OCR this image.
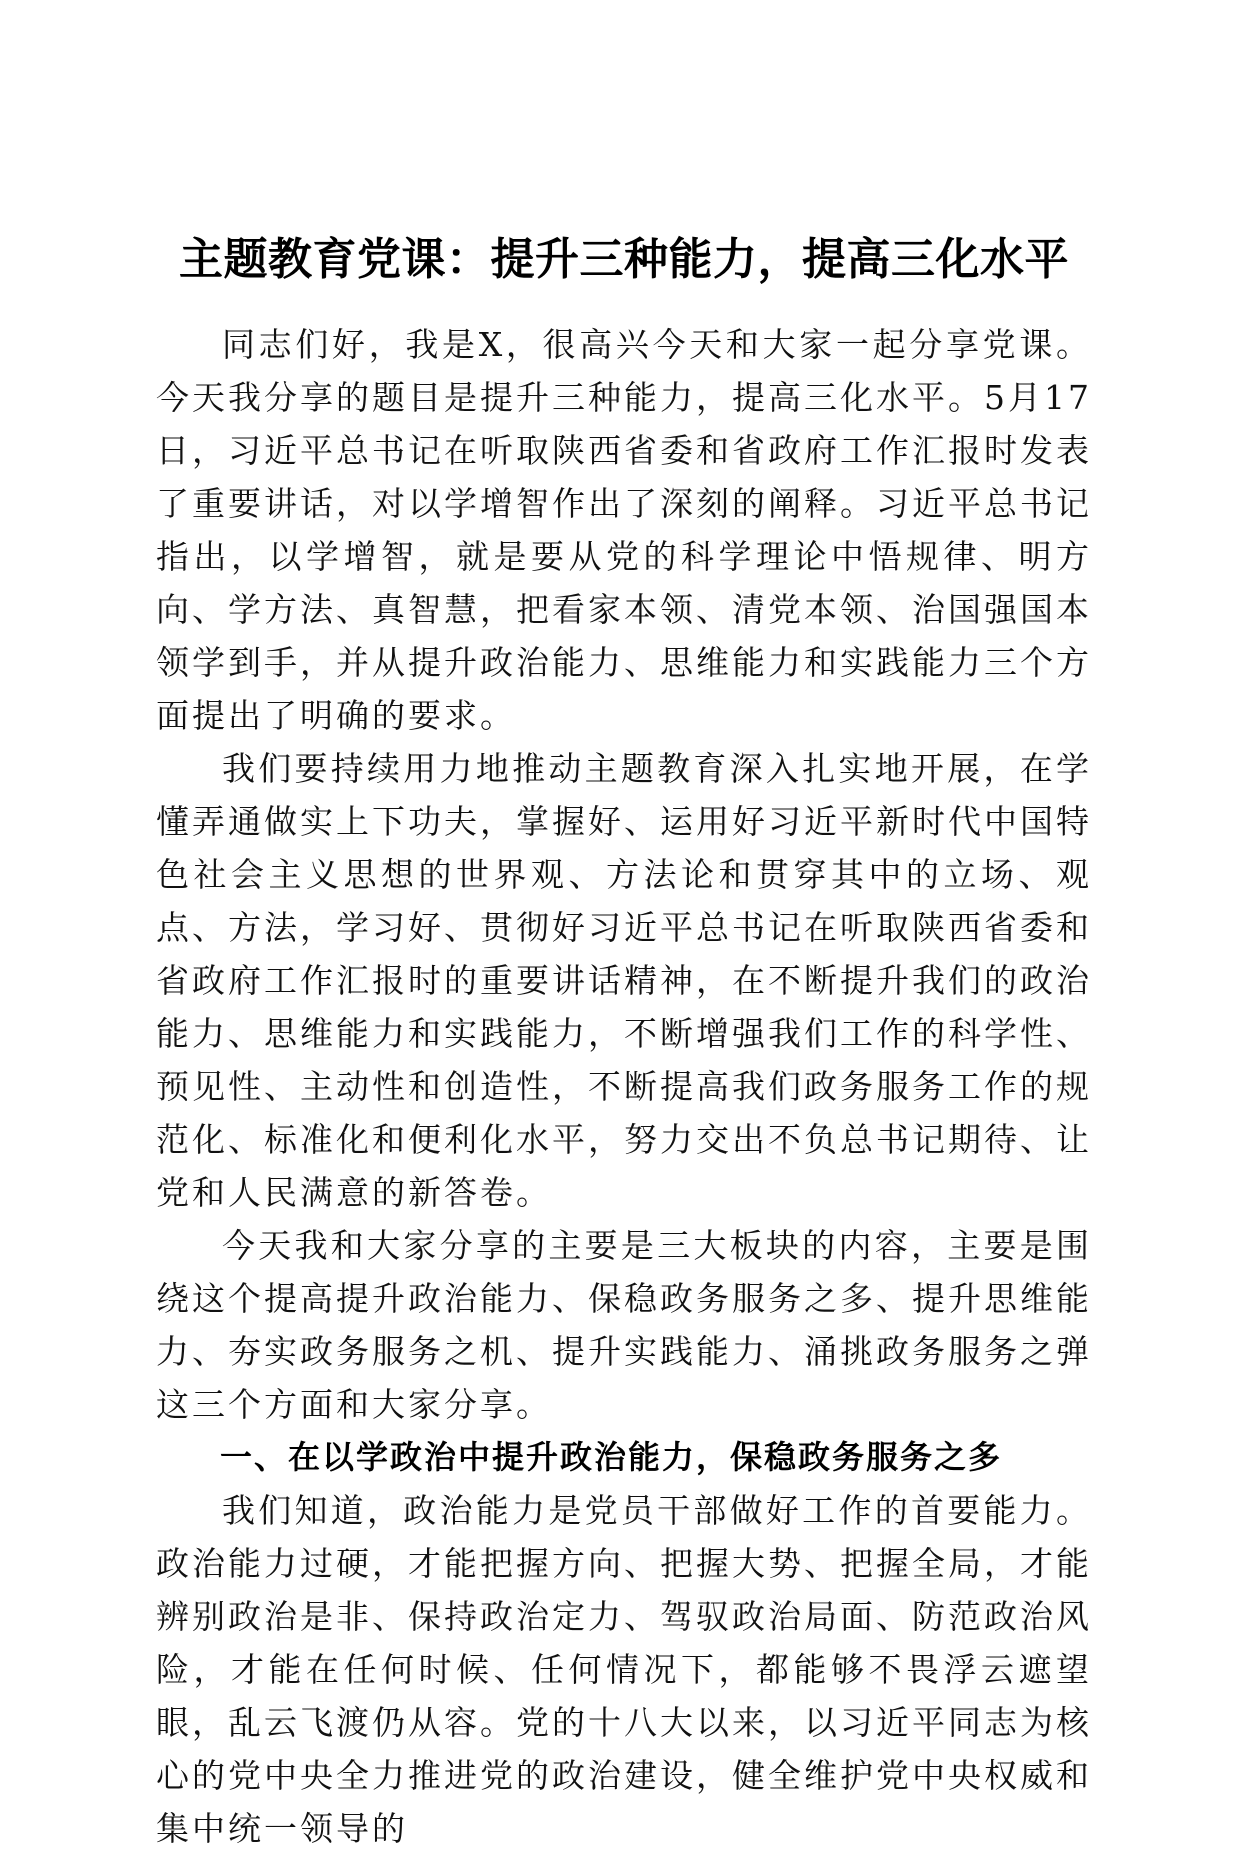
主题教育党课：提升三种能力，提高三化水平

同志们好，我是X，很高兴今天和大家一起分享党课。今天我分享的题目是提升三种能力，提高三化水平。5月17日，习近平总书记在听取陕西省委和省政府工作汇报时发表了重要讲话，对以学增智作出了深刻的阐释。习近平总书记指出，以学增智，就是要从党的科学理论中悟规律、明方向、学方法、真智慧，把看家本领、清党本领、治国强国本领学到手，并从提升政治能力、思维能力和实践能力三个方面提出了明确的要求。

我们要持续用力地推动主题教育深入扎实地开展，在学懂弄通做实上下功夫，掌握好、运用好习近平新时代中国特色社会主义思想的世界观、方法论和贯穿其中的立场、观点、方法，学习好、贯彻好习近平总书记在听取陕西省委和省政府工作汇报时的重要讲话精神，在不断提升我们的政治能力、思维能力和实践能力，不断增强我们工作的科学性、预见性、主动性和创造性，不断提高我们政务服务工作的规范化、标准化和便利化水平，努力交出不负总书记期待、让党和人民满意的新答卷。

今天我和大家分享的主要是三大板块的内容，主要是围绕这个提高提升政治能力、保稳政务服务之多、提升思维能力、夯实政务服务之机、提升实践能力、涌挑政务服务之弹这三个方面和大家分享。

一、在以学政治中提升政治能力，保稳政务服务之多

我们知道，政治能力是党员干部做好工作的首要能力。政治能力过硬，才能把握方向、把握大势、把握全局，才能辨别政治是非、保持政治定力、驾驭政治局面、防范政治风险，才能在任何时候、任何情况下，都能够不畏浮云遮望眼，乱云飞渡仍从容。党的十八大以来，以习近平同志为核心的党中央全力推进党的政治建设，健全维护党中央权威和集中统一领导的
